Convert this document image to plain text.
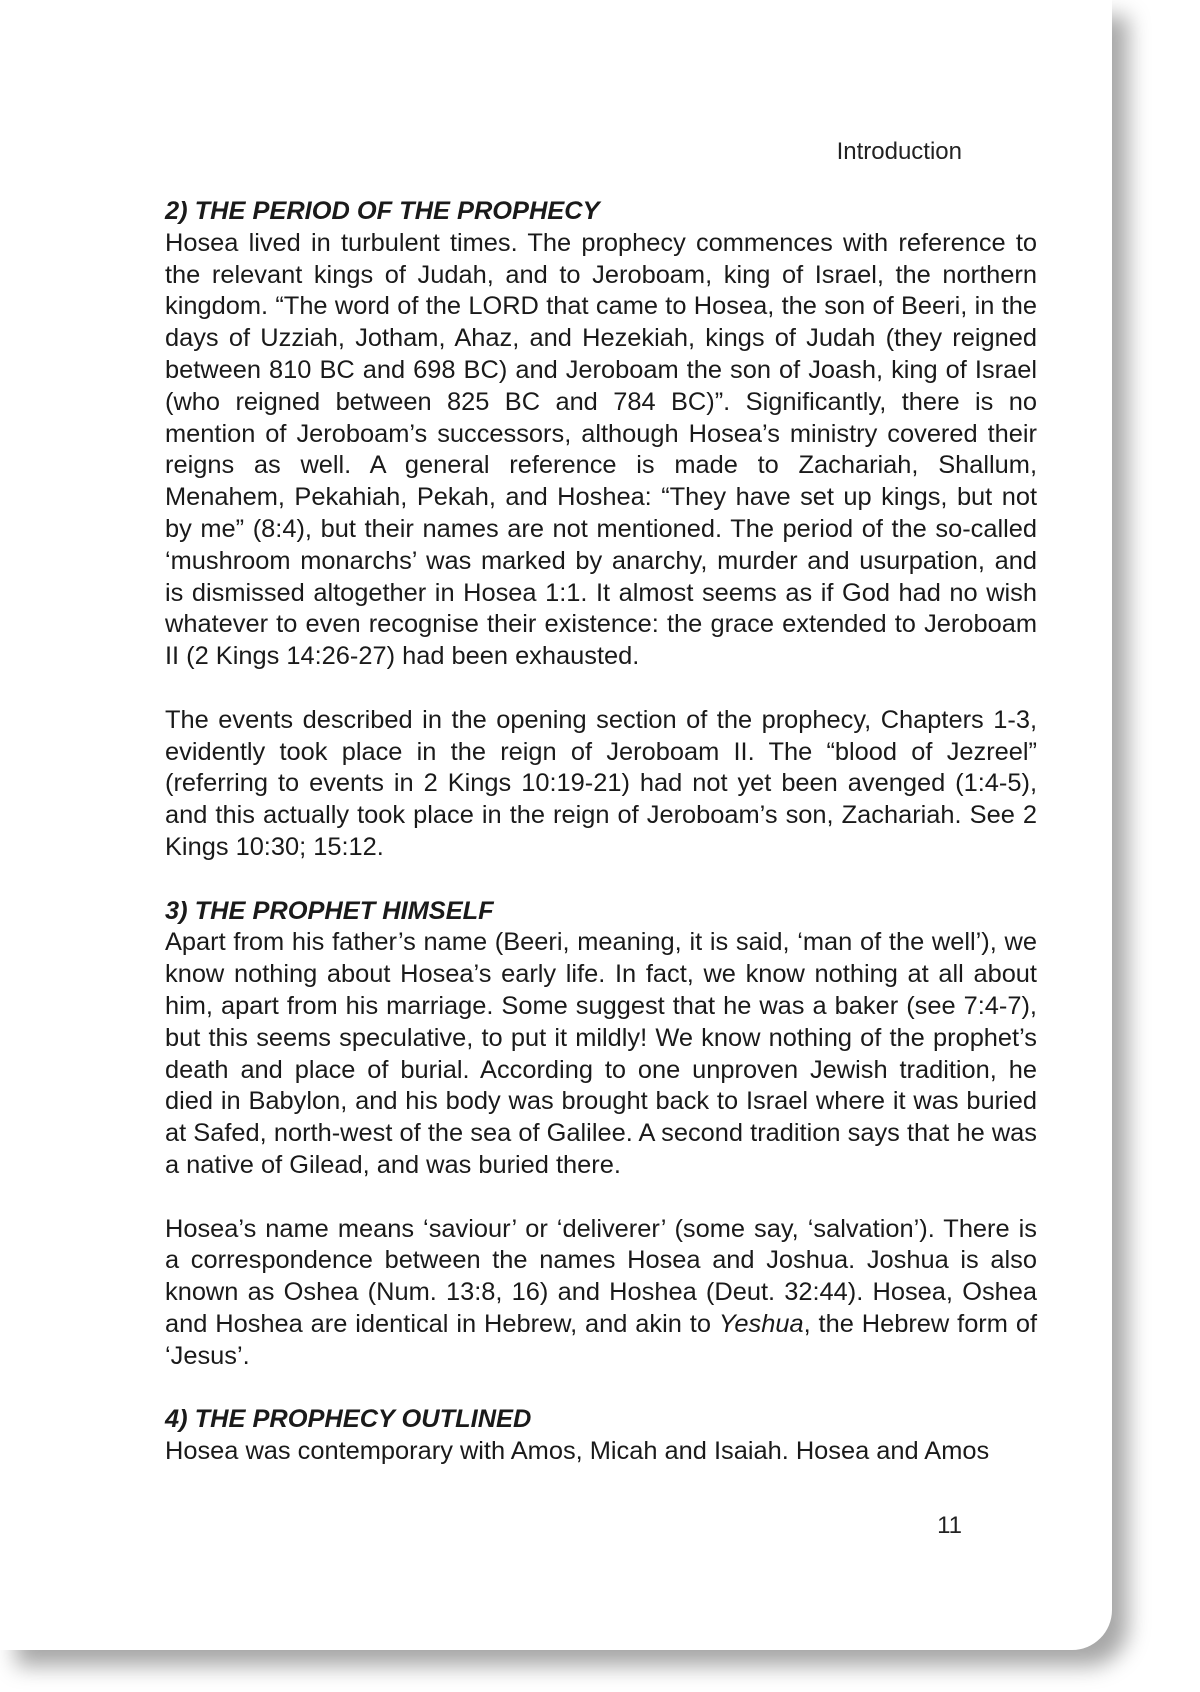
Introduction

2) THE PERIOD OF THE PROPHECY

Hosea lived in turbulent times. The prophecy commences with reference to the relevant kings of Judah, and to Jeroboam, king of Israel, the northern kingdom. “The word of the LORD that came to Hosea, the son of Beeri, in the days of Uzziah, Jotham, Ahaz, and Hezekiah, kings of Judah (they reigned between 810 BC and 698 BC) and Jeroboam the son of Joash, king of Israel (who reigned between 825 BC and 784 BC)”. Significantly, there is no mention of Jeroboam’s successors, although Hosea’s ministry covered their reigns as well. A general reference is made to Zachariah, Shallum, Menahem, Pekahiah, Pekah, and Hoshea: “They have set up kings, but not by me” (8:4), but their names are not mentioned. The period of the so-called ‘mushroom monarchs’ was marked by anarchy, murder and usurpation, and is dismissed altogether in Hosea 1:1. It almost seems as if God had no wish whatever to even recognise their existence: the grace extended to Jeroboam II (2 Kings 14:26-27) had been exhausted.

The events described in the opening section of the prophecy, Chapters 1-3, evidently took place in the reign of Jeroboam II. The “blood of Jezreel” (referring to events in 2 Kings 10:19-21) had not yet been avenged (1:4-5), and this actually took place in the reign of Jeroboam’s son, Zachariah. See 2 Kings 10:30; 15:12.

3) THE PROPHET HIMSELF

Apart from his father’s name (Beeri, meaning, it is said, ‘man of the well’), we know nothing about Hosea’s early life. In fact, we know nothing at all about him, apart from his marriage. Some suggest that he was a baker (see 7:4-7), but this seems speculative, to put it mildly! We know nothing of the prophet’s death and place of burial. According to one unproven Jewish tradition, he died in Babylon, and his body was brought back to Israel where it was buried at Safed, north-west of the sea of Galilee. A second tradition says that he was a native of Gilead, and was buried there.

Hosea’s name means ‘saviour’ or ‘deliverer’ (some say, ‘salvation’). There is a correspondence between the names Hosea and Joshua. Joshua is also known as Oshea (Num. 13:8, 16) and Hoshea (Deut. 32:44). Hosea, Oshea and Hoshea are identical in Hebrew, and akin to Yeshua, the Hebrew form of ‘Jesus’.

4) THE PROPHECY OUTLINED

Hosea was contemporary with Amos, Micah and Isaiah. Hosea and Amos

11
